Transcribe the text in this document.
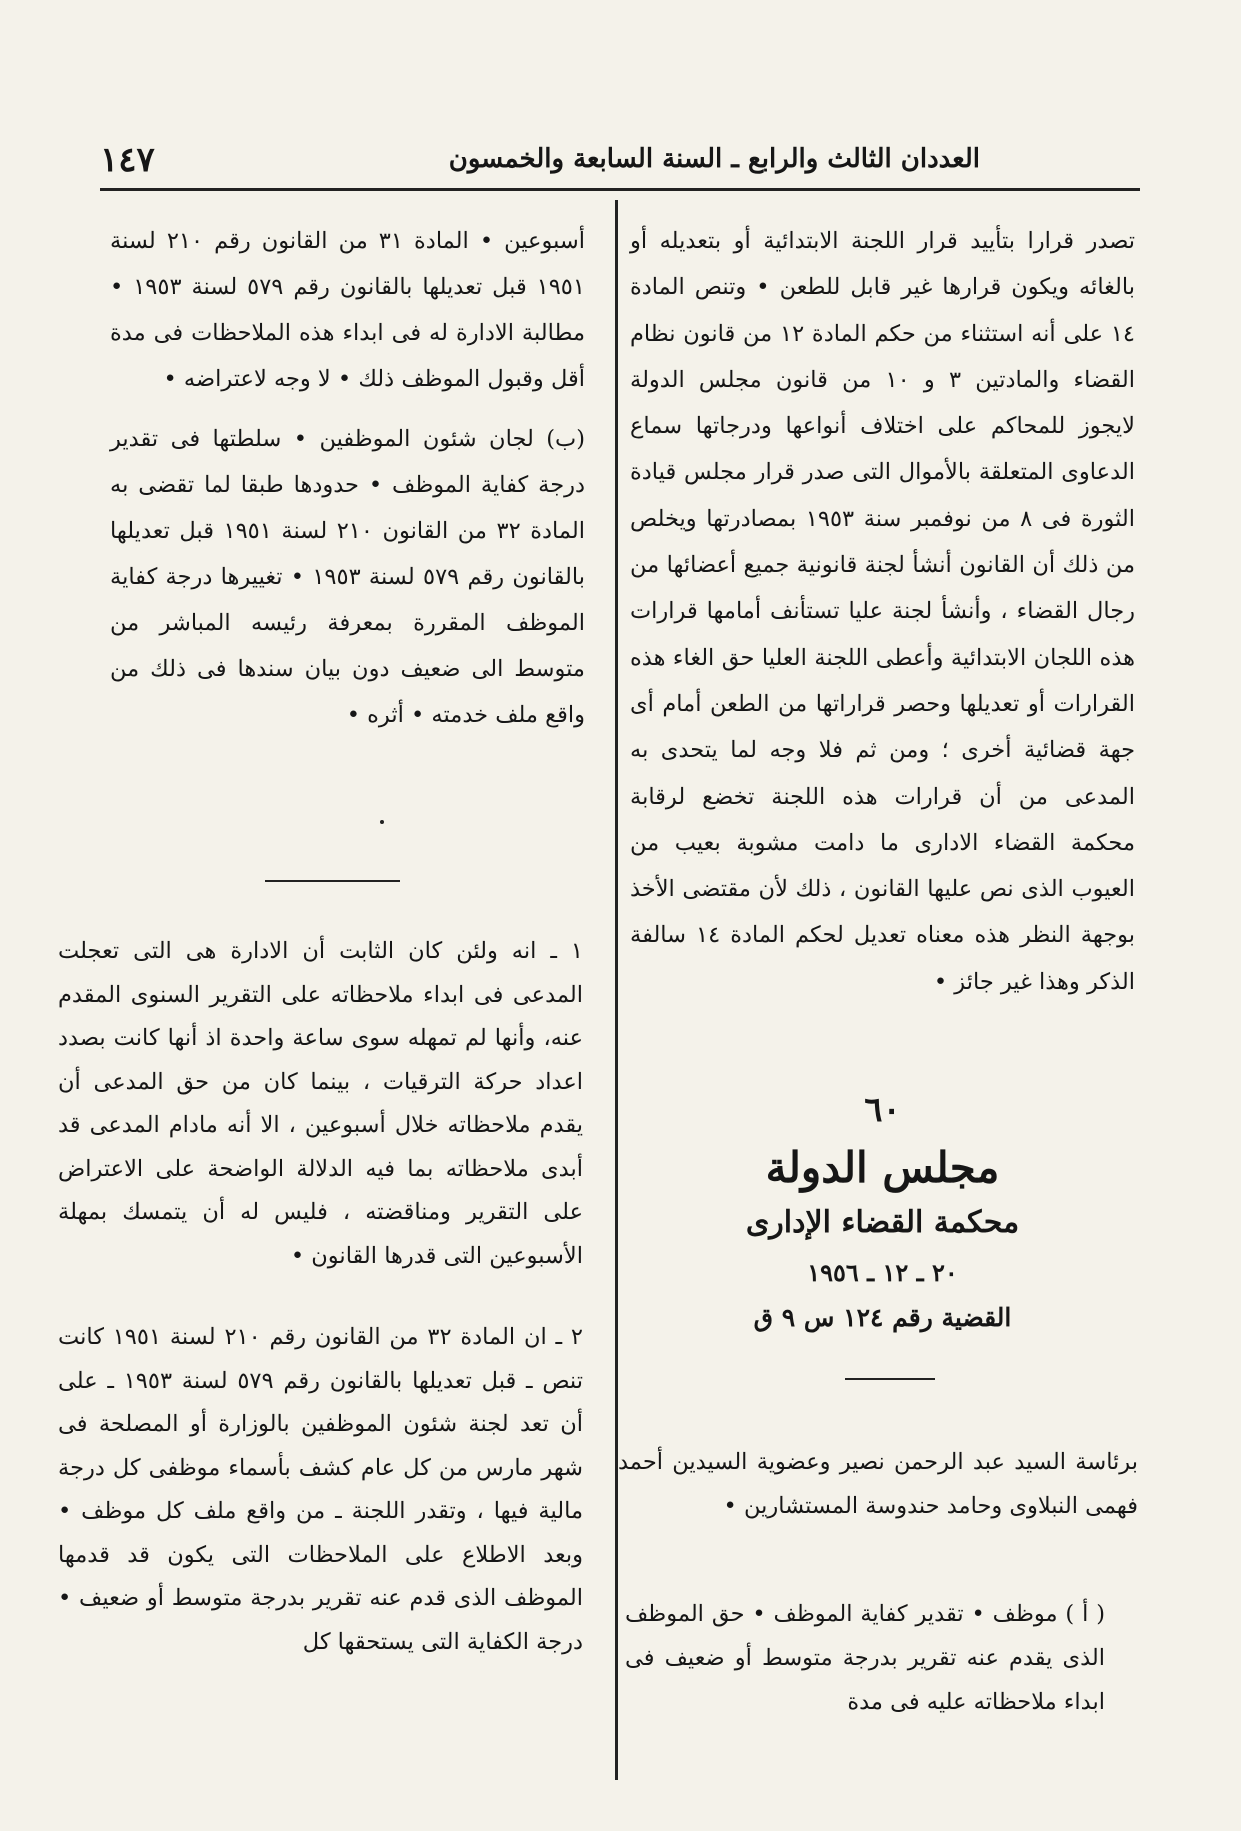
١٤٧	العددان الثالث والرابع ـ السنة السابعة والخمسون

تصدر قرارا بتأييد قرار اللجنة الابتدائية أو بتعديله أو بالغائه ويكون قرارها غير قابل للطعن • وتنص المادة ١٤ على أنه استثناء من حكم المادة ١٢ من قانون نظام القضاء والمادتين ٣ و ١٠ من قانون مجلس الدولة لايجوز للمحاكم على اختلاف أنواعها ودرجاتها سماع الدعاوى المتعلقة بالأموال التى صدر قرار مجلس قيادة الثورة فى ٨ من نوفمبر سنة ١٩٥٣ بمصادرتها ويخلص من ذلك أن القانون أنشأ لجنة قانونية جميع أعضائها من رجال القضاء ، وأنشأ لجنة عليا تستأنف أمامها قرارات هذه اللجان الابتدائية وأعطى اللجنة العليا حق الغاء هذه القرارات أو تعديلها وحصر قراراتها من الطعن أمام أى جهة قضائية أخرى ؛ ومن ثم فلا وجه لما يتحدى به المدعى من أن قرارات هذه اللجنة تخضع لرقابة محكمة القضاء الادارى ما دامت مشوبة بعيب من العيوب الذى نص عليها القانون ، ذلك لأن مقتضى الأخذ بوجهة النظر هذه معناه تعديل لحكم المادة ١٤ سالفة الذكر وهذا غير جائز •

أسبوعين • المادة ٣١ من القانون رقم ٢١٠ لسنة ١٩٥١ قبل تعديلها بالقانون رقم ٥٧٩ لسنة ١٩٥٣ • مطالبة الادارة له فى ابداء هذه الملاحظات فى مدة أقل وقبول الموظف ذلك • لا وجه لاعتراضه •

(ب) لجان شئون الموظفين • سلطتها فى تقدير درجة كفاية الموظف • حدودها طبقا لما تقضى به المادة ٣٢ من القانون ٢١٠ لسنة ١٩٥١ قبل تعديلها بالقانون رقم ٥٧٩ لسنة ١٩٥٣ • تغييرها درجة كفاية الموظف المقررة بمعرفة رئيسه المباشر من متوسط الى ضعيف دون بيان سندها فى ذلك من واقع ملف خدمته • أثره •

١ ـ انه ولئن كان الثابت أن الادارة هى التى تعجلت المدعى فى ابداء ملاحظاته على التقرير السنوى المقدم عنه، وأنها لم تمهله سوى ساعة واحدة اذ أنها كانت بصدد اعداد حركة الترقيات ، بينما كان من حق المدعى أن يقدم ملاحظاته خلال أسبوعين ، الا أنه مادام المدعى قد أبدى ملاحظاته بما فيه الدلالة الواضحة على الاعتراض على التقرير ومناقضته ، فليس له أن يتمسك بمهلة الأسبوعين التى قدرها القانون •

٢ ـ ان المادة ٣٢ من القانون رقم ٢١٠ لسنة ١٩٥١ كانت تنص ـ قبل تعديلها بالقانون رقم ٥٧٩ لسنة ١٩٥٣ ـ على أن تعد لجنة شئون الموظفين بالوزارة أو المصلحة فى شهر مارس من كل عام كشف بأسماء موظفى كل درجة مالية فيها ، وتقدر اللجنة ـ من واقع ملف كل موظف • وبعد الاطلاع على الملاحظات التى يكون قد قدمها الموظف الذى قدم عنه تقرير بدرجة متوسط أو ضعيف • درجة الكفاية التى يستحقها كل

٦٠
مجلس الدولة
محكمة القضاء الإدارى
٢٠ ـ ١٢ ـ ١٩٥٦
القضية رقم ١٢٤ س ٩ ق
برئاسة السيد عبد الرحمن نصير وعضوية السيدين أحمد فهمى النبلاوى وحامد حندوسة المستشارين •
( أ ) موظف • تقدير كفاية الموظف • حق الموظف الذى يقدم عنه تقرير بدرجة متوسط أو ضعيف فى ابداء ملاحظاته عليه فى مدة
